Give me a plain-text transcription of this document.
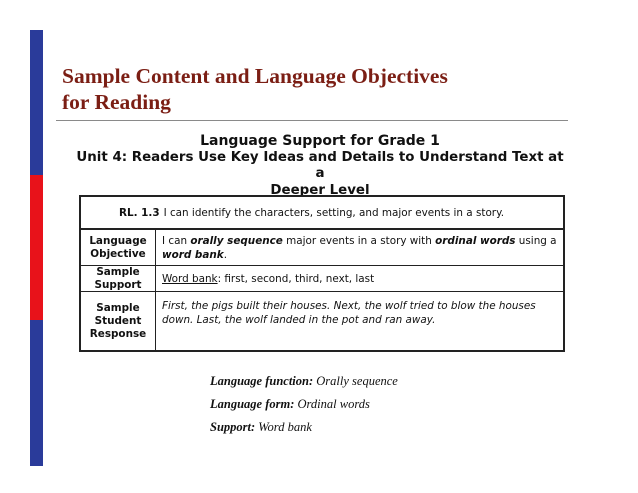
Sample Content and Language Objectives
for Reading
Language Support for Grade 1
Unit 4: Readers Use Key Ideas and Details to Understand Text at a
Deeper Level
RL. 1.3 I can identify the characters, setting, and major events in a story.
Language
Objective
I can orally sequence major events in a story with ordinal words using a word bank.
Sample
Support	Word bank: first, second, third, next, last
Sample
Student
Response
First, the pigs built their houses. Next, the wolf tried to blow the houses down. Last, the wolf landed in the pot and ran away.
Language function: Orally sequence
Language form: Ordinal words
Support: Word bank
